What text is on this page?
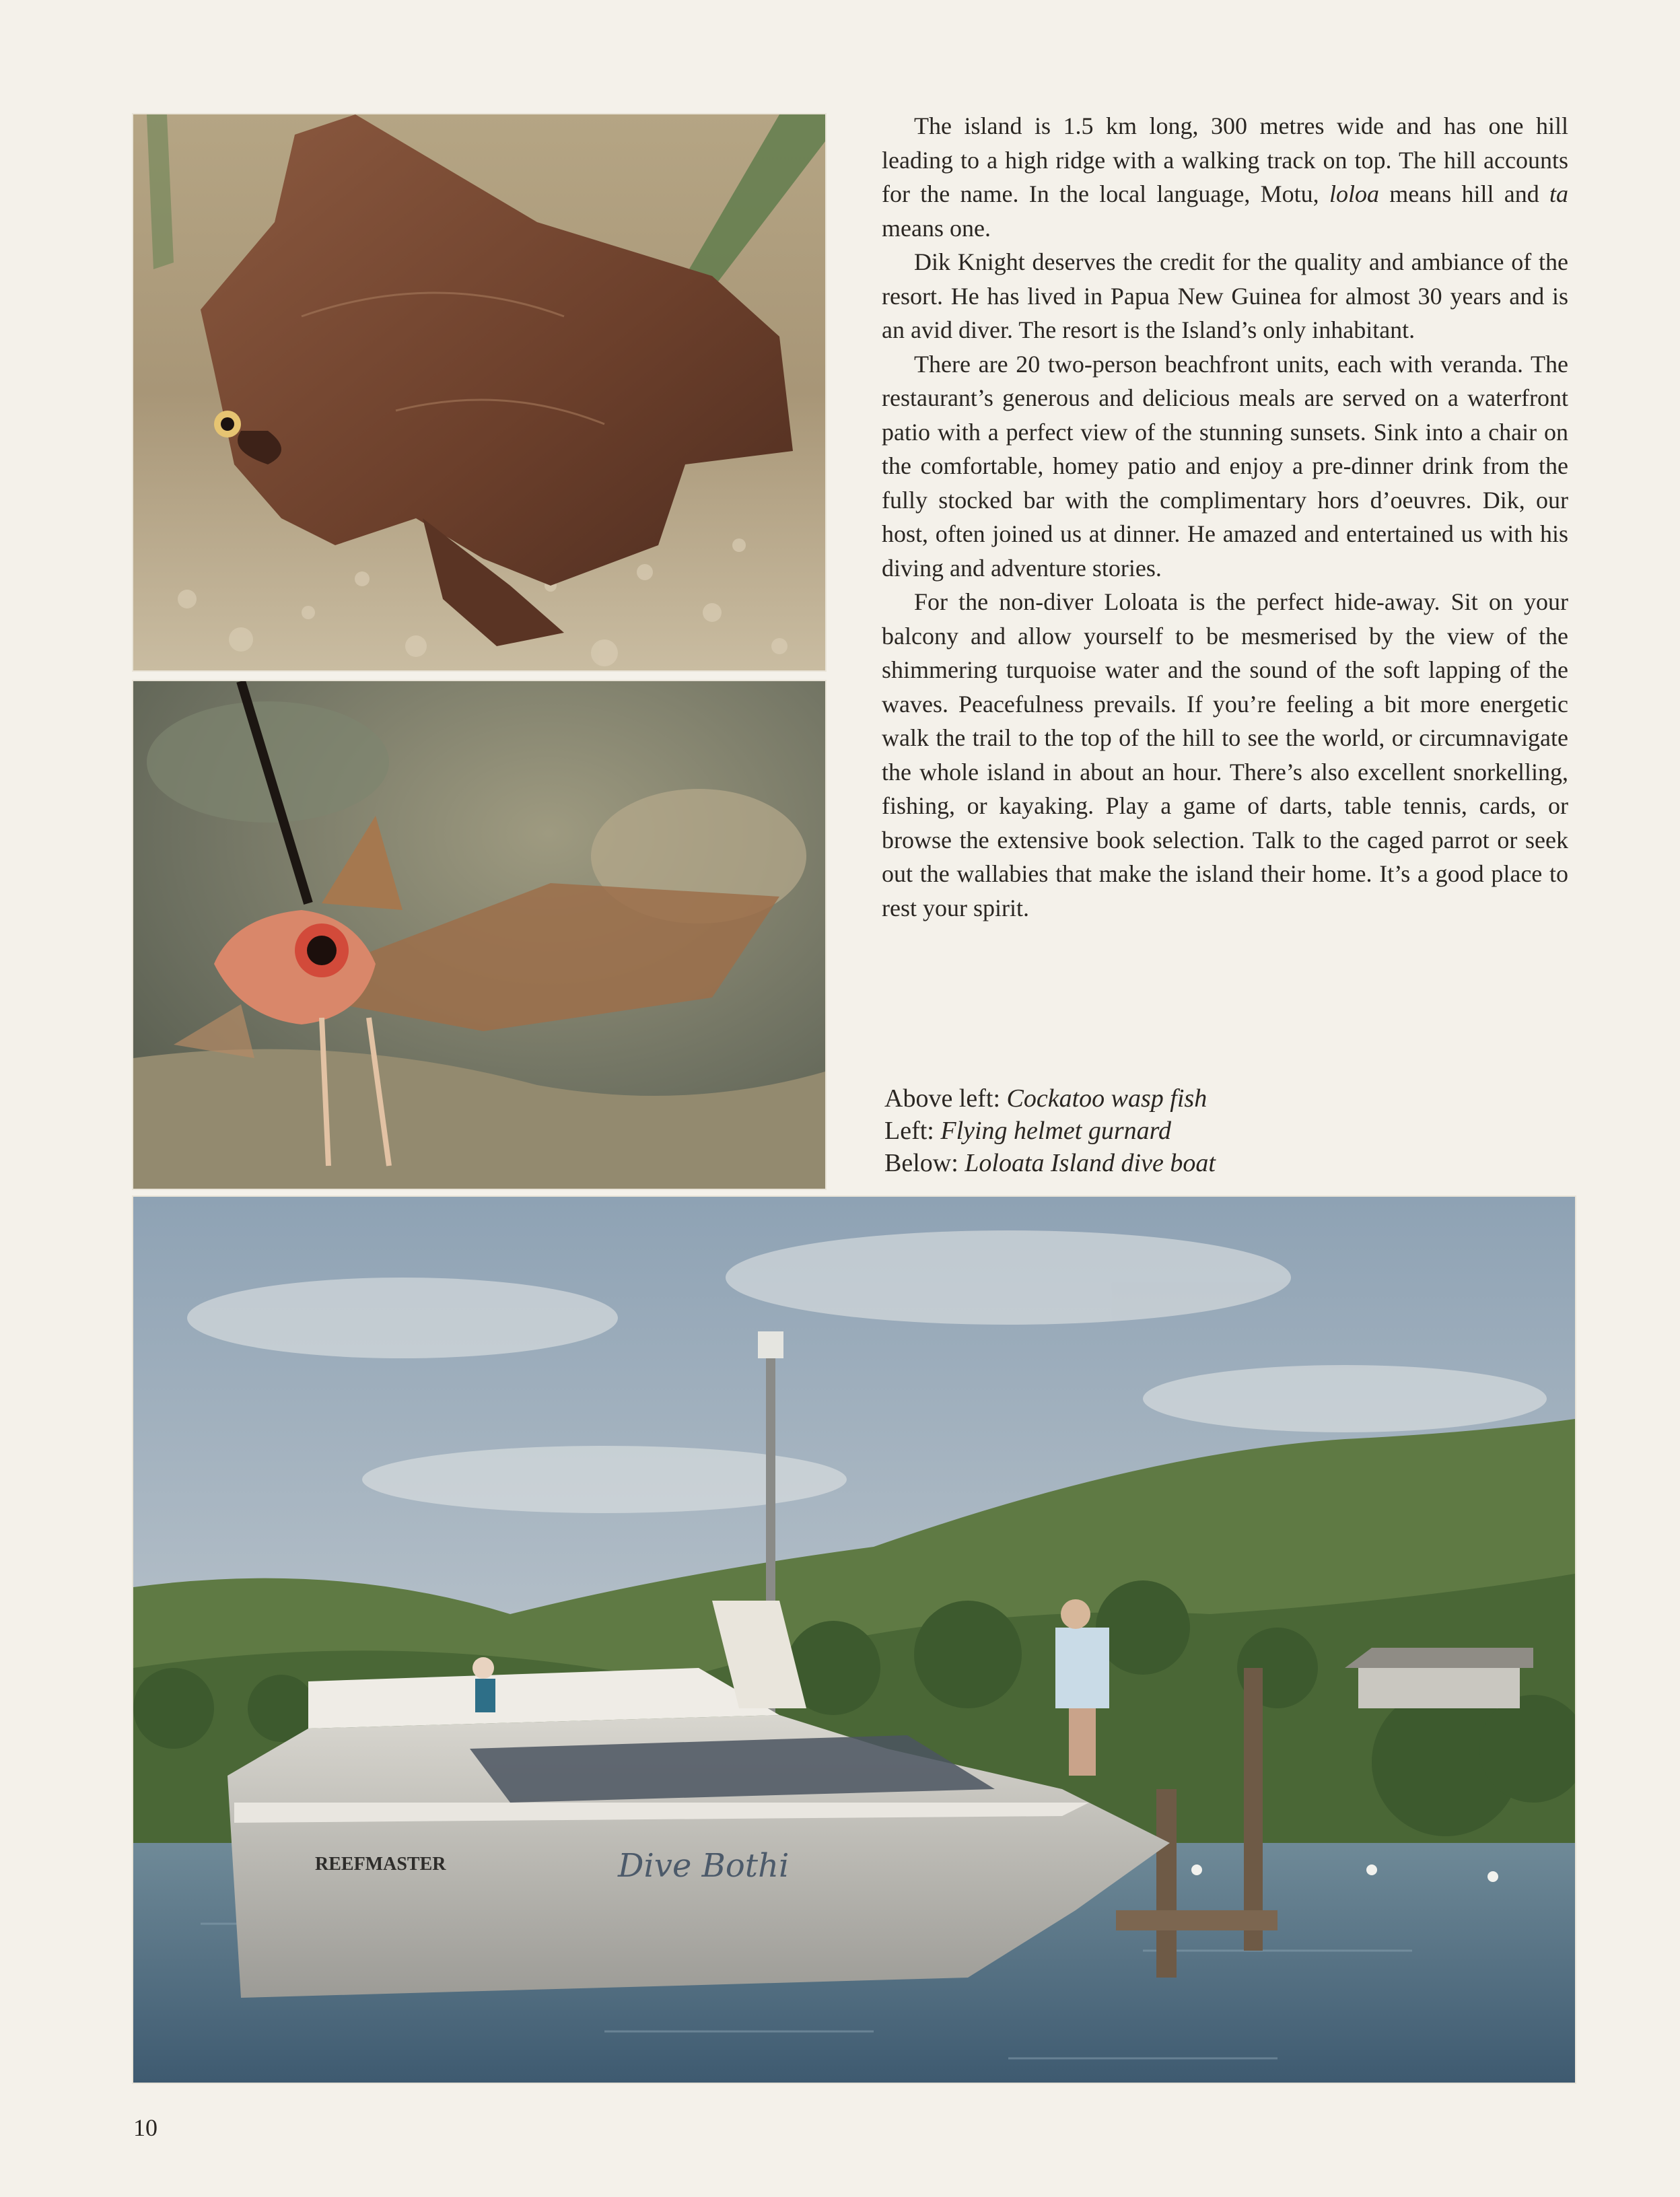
The island is 1.5 km long, 300 metres wide and has one hill leading to a high ridge with a walking track on top. The hill accounts for the name. In the local language, Motu, loloa means hill and ta means one.

Dik Knight deserves the credit for the quality and ambiance of the resort. He has lived in Papua New Guinea for almost 30 years and is an avid diver. The resort is the Island’s only inhabitant.

There are 20 two-person beachfront units, each with veranda. The restaurant’s generous and delicious meals are served on a waterfront patio with a perfect view of the stunning sunsets. Sink into a chair on the comfortable, homey patio and enjoy a pre-dinner drink from the fully stocked bar with the complimentary hors d’oeuvres. Dik, our host, often joined us at dinner. He amazed and entertained us with his diving and adventure stories.

For the non-diver Loloata is the perfect hide-away. Sit on your balcony and allow yourself to be mesmerised by the view of the shimmering turquoise water and the sound of the soft lapping of the waves. Peacefulness prevails. If you’re feeling a bit more energetic walk the trail to the top of the hill to see the world, or circumnavigate the whole island in about an hour. There’s also excellent snorkelling, fishing, or kayaking. Play a game of darts, table tennis, cards, or browse the extensive book selection. Talk to the caged parrot or seek out the wallabies that make the island their home. It’s a good place to rest your spirit.

Above left: Cockatoo wasp fish
Left: Flying helmet gurnard
Below: Loloata Island dive boat
REEFMASTER	Dive Bothi
10
